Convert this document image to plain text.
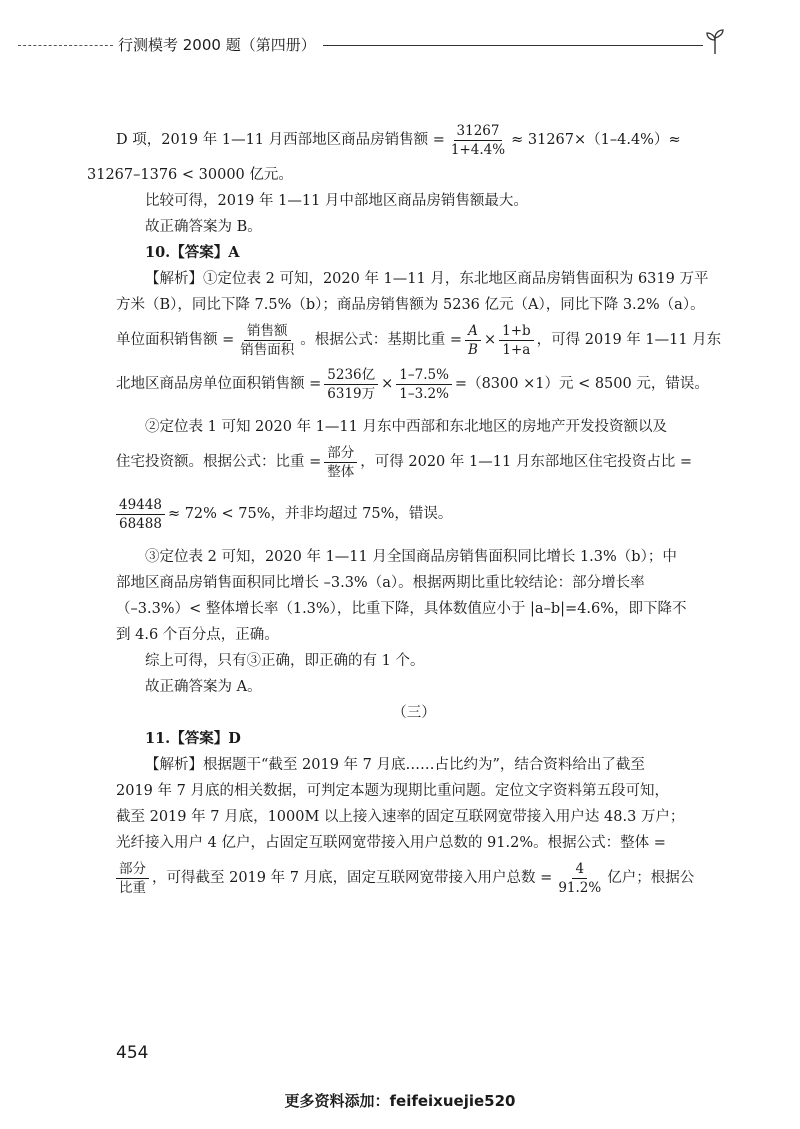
行测模考 2000 题（第四册）
D 项，2019 年 1—11 月西部地区商品房销售额 = $\frac{31267}{1+4.4\%} \approx 31267\times(1-4.4\%)\approx$

31267–1376 < 30000 亿元。

比较可得，2019 年 1—11 月中部地区商品房销售额最大。

故正确答案为 B。

10.【答案】A

【解析】①定位表 2 可知，2020 年 1—11 月，东北地区商品房销售面积为 6319 万平

方米（B），同比下降 7.5%（b）；商品房销售额为 5236 亿元（A），同比下降 3.2%（a）。

单位面积销售额 = $\frac{\text{销售额}}{\text{销售面积}}$ 。根据公式：基期比重 = $\frac{A}{B} \times \frac{1+b}{1+a}$ ，可得 2019 年 1—11 月东
北地区商品房单位面积销售额 = $\frac{\text{5236亿}}{\text{6319万}} \times \frac{1-7.5\%}{1-3.2\%} =(8300 \times 1)$元 < 8500 元，错误。

②定位表 1 可知 2020 年 1—11 月东中西部和东北地区的房地产开发投资额以及

住宅投资额。根据公式：比重 = $\frac{\text{部分}}{\text{整体}}$ ，可得 2020 年 1—11 月东部地区住宅投资占比 =
$\frac{49448}{68488} \approx 72\% < 75\%$，并非均超过 75%，错误。

③定位表 2 可知，2020 年 1—11 月全国商品房销售面积同比增长 1.3%（b）；中

部地区商品房销售面积同比增长 –3.3%（a）。根据两期比重比较结论：部分增长率

（–3.3%）< 整体增长率（1.3%），比重下降，具体数值应小于 |a–b|=4.6%，即下降不

到 4.6 个百分点，正确。

综上可得，只有③正确，即正确的有 1 个。

故正确答案为 A。

（三）

11.【答案】D

【解析】根据题干“截至 2019 年 7 月底……占比约为”，结合资料给出了截至

2019 年 7 月底的相关数据，可判定本题为现期比重问题。定位文字资料第五段可知，

截至 2019 年 7 月底，1000M 以上接入速率的固定互联网宽带接入用户达 48.3 万户；

光纤接入用户 4 亿户，占固定互联网宽带接入用户总数的 91.2%。根据公式：整体 =

$\frac{\text{部分}}{\text{比重}}$ ，可得截至 2019 年 7 月底，固定互联网宽带接入用户总数 = $\frac{4}{91.2\%}$ 亿户；根据公
454
更多资料添加：feifeixuejie520
